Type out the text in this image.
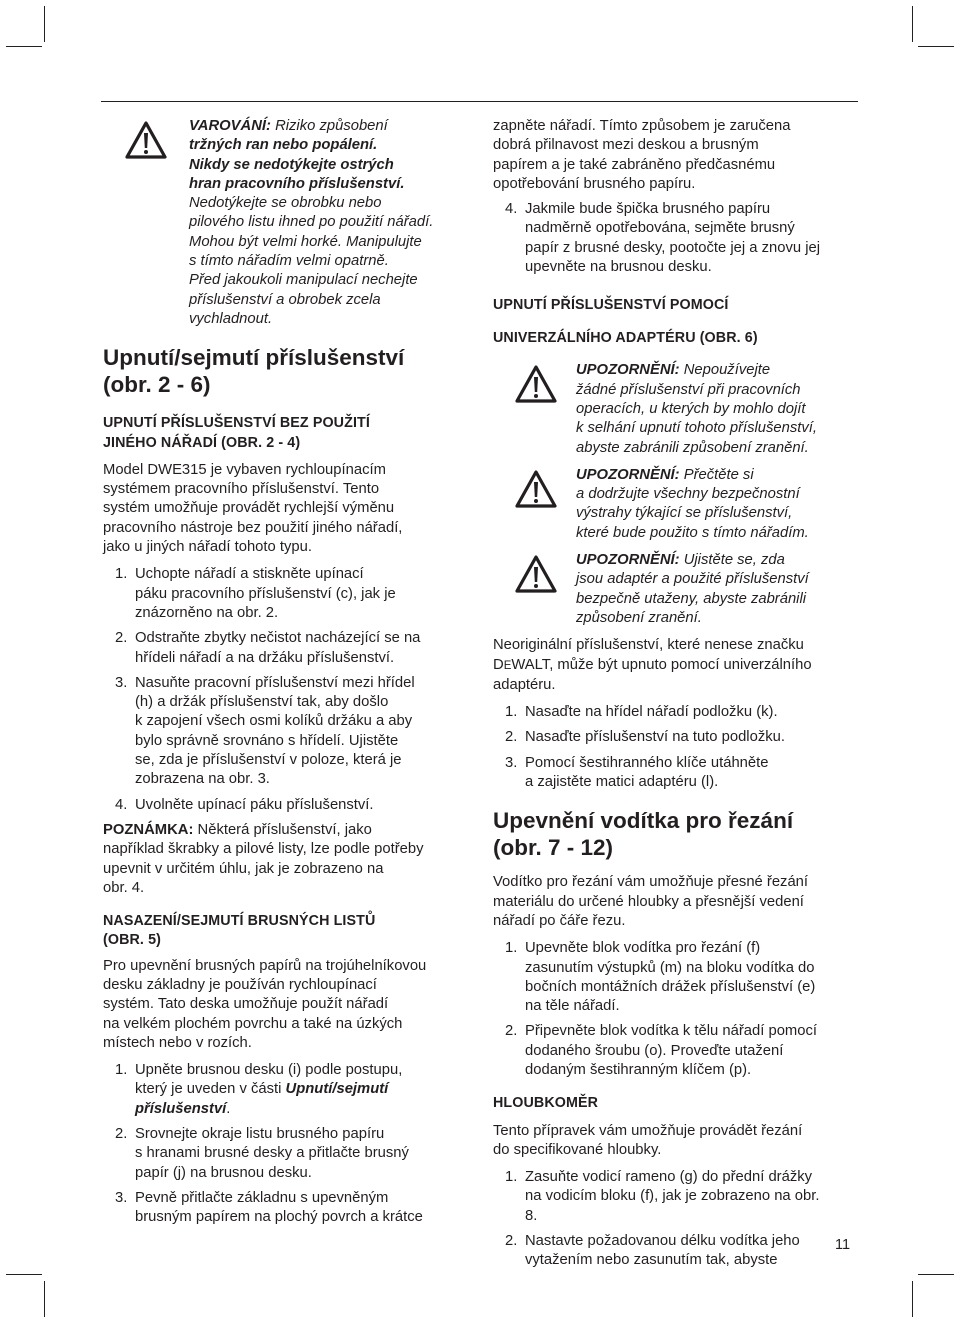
VAROVÁNÍ: Riziko způsobení
tržných ran nebo popálení.
Nikdy se nedotýkejte ostrých
hran pracovního příslušenství.
Nedotýkejte se obrobku nebo
pilového listu ihned po použití nářadí.
Mohou být velmi horké. Manipulujte
s tímto nářadím velmi opatrně.
Před jakoukoli manipulací nechejte
příslušenství a obrobek zcela
vychladnout.

Upnutí/sejmutí příslušenství
(obr. 2 - 6)
UPNUTÍ PŘÍSLUŠENSTVÍ BEZ POUŽITÍ
JINÉHO NÁŘADÍ (OBR. 2 - 4)

Model DWE315 je vybaven rychloupínacím
systémem pracovního příslušenství. Tento
systém umožňuje provádět rychlejší výměnu
pracovního nástroje bez použití jiného nářadí,
jako u jiných nářadí tohoto typu.

1. Uchopte nářadí a stiskněte upínací
páku pracovního příslušenství (c), jak je
znázorněno na obr. 2.
2. Odstraňte zbytky nečistot nacházející se na
hřídeli nářadí a na držáku příslušenství.
3. Nasuňte pracovní příslušenství mezi hřídel
(h) a držák příslušenství tak, aby došlo
k zapojení všech osmi kolíků držáku a aby
bylo správně srovnáno s hřídelí. Ujistěte
se, zda je příslušenství v poloze, která je
zobrazena na obr. 3.
4. Uvolněte upínací páku příslušenství.

POZNÁMKA: Některá příslušenství, jako
například škrabky a pilové listy, lze podle potřeby
upevnit v určitém úhlu, jak je zobrazeno na
obr. 4.

NASAZENÍ/SEJMUTÍ BRUSNÝCH LISTŮ
(OBR. 5)

Pro upevnění brusných papírů na trojúhelníkovou
desku základny je používán rychloupínací
systém. Tato deska umožňuje použít nářadí
na velkém plochém povrchu a také na úzkých
místech nebo v rozích.

1. Upněte brusnou desku (i) podle postupu,
který je uveden v části Upnutí/sejmutí
příslušenství.
2. Srovnejte okraje listu brusného papíru
s hranami brusné desky a přitlačte brusný
papír (j) na brusnou desku.
3. Pevně přitlačte základnu s upevněným
brusným papírem na plochý povrch a krátce

zapněte nářadí. Tímto způsobem je zaručena
dobrá přilnavost mezi deskou a brusným
papírem a je také zabráněno předčasnému
opotřebování brusného papíru.

4. Jakmile bude špička brusného papíru
nadměrně opotřebována, sejměte brusný
papír z brusné desky, pootočte jej a znovu jej
upevněte na brusnou desku.
UPNUTÍ PŘÍSLUŠENSTVÍ POMOCÍ
UNIVERZÁLNÍHO ADAPTÉRU (OBR. 6)

UPOZORNĚNÍ: Nepoužívejte
žádné příslušenství při pracovních
operacích, u kterých by mohlo dojít
k selhání upnutí tohoto příslušenství,
abyste zabránili způsobení zranění.

UPOZORNĚNÍ: Přečtěte si
a dodržujte všechny bezpečnostní
výstrahy týkající se příslušenství,
které bude použito s tímto nářadím.

UPOZORNĚNÍ: Ujistěte se, zda
jsou adaptér a použité příslušenství
bezpečně utaženy, abyste zabránili
způsobení zranění.

Neoriginální příslušenství, které nenese značku
DEWALT, může být upnuto pomocí univerzálního
adaptéru.

1. Nasaďte na hřídel nářadí podložku (k).
2. Nasaďte příslušenství na tuto podložku.
3. Pomocí šestihranného klíče utáhněte
a zajistěte matici adaptéru (l).
Upevnění vodítka pro řezání
(obr. 7 - 12)

Vodítko pro řezání vám umožňuje přesné řezání
materiálu do určené hloubky a přesnější vedení
nářadí po čáře řezu.

1. Upevněte blok vodítka pro řezání (f)
zasunutím výstupků (m) na bloku vodítka do
bočních montážních drážek příslušenství (e)
na těle nářadí.
2. Připevněte blok vodítka k tělu nářadí pomocí
dodaného šroubu (o). Proveďte utažení
dodaným šestihranným klíčem (p).
HLOUBKOMĚR

Tento přípravek vám umožňuje provádět řezání
do specifikované hloubky.

1. Zasuňte vodicí rameno (g) do přední drážky
na vodicím bloku (f), jak je zobrazeno na obr.
8.
2. Nastavte požadovanou délku vodítka jeho
vytažením nebo zasunutím tak, abyste
11
